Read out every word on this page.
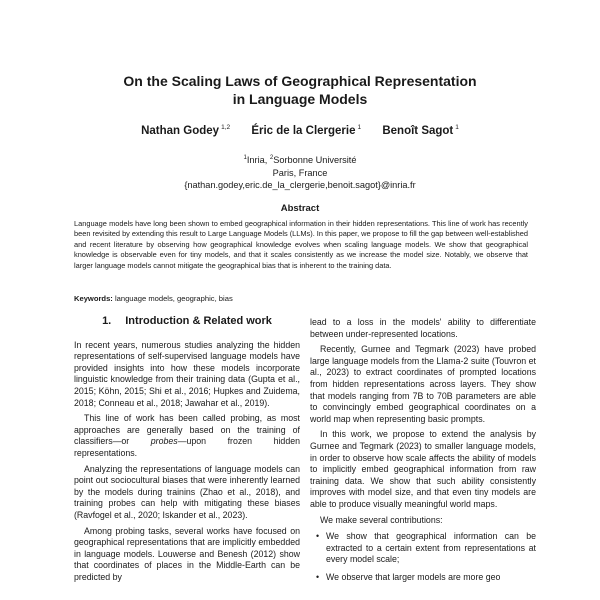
On the Scaling Laws of Geographical Representation
in Language Models
Nathan Godey $^{1,2}$ Éric de la Clergerie $^1$ Benoît Sagot $^1$
$^1$Inria, $^2$Sorbonne Université
Paris, France
{nathan.godey,eric.de_la_clergerie,benoit.sagot}@inria.fr
Abstract
Language models have long been shown to embed geographical information in their hidden representations. This line of work has recently been revisited by extending this result to Large Language Models (LLMs). In this paper, we propose to fill the gap between well-established and recent literature by observing how geographical knowledge evolves when scaling language models. We show that geographical knowledge is observable even for tiny models, and that it scales consistently as we increase the model size. Notably, we observe that larger language models cannot mitigate the geographical bias that is inherent to the training data.
Keywords: language models, geographic, bias

1. Introduction & Related work

In recent years, numerous studies analyzing the hidden representations of self-supervised language models have provided insights into how these models incorporate linguistic knowledge from their training data (Gupta et al., 2015; Köhn, 2015; Shi et al., 2016; Hupkes and Zuidema, 2018; Conneau et al., 2018; Jawahar et al., 2019).

This line of work has been called probing, as most approaches are generally based on the training of classifiers—or probes—upon frozen hidden representations.

Analyzing the representations of language models can point out sociocultural biases that were inherently learned by the models during trainins (Zhao et al., 2018), and training probes can help with mitigating these biases (Ravfogel et al., 2020; Iskander et al., 2023).

Among probing tasks, several works have focused on geographical representations that are implicitly embedded in language models. Louwerse and Benesh (2012) show that coordinates of places in the Middle-Earth can be predicted by

lead to a loss in the models' ability to differentiate between under-represented locations.

Recently, Gurnee and Tegmark (2023) have probed large language models from the Llama-2 suite (Touvron et al., 2023) to extract coordinates of prompted locations from hidden representations across layers. They show that models ranging from 7B to 70B parameters are able to convincingly embed geographical coordinates on a world map when representing basic prompts.

In this work, we propose to extend the analysis by Gurnee and Tegmark (2023) to smaller language models, in order to observe how scale affects the ability of models to implicitly embed geographical information from raw training data. We show that such ability consistently improves with model size, and that even tiny models are able to produce visually meaningful world maps.

We make several contributions:

• We show that geographical information can be extracted to a certain extent from representations at every model scale;
• We observe that larger models are more geo
